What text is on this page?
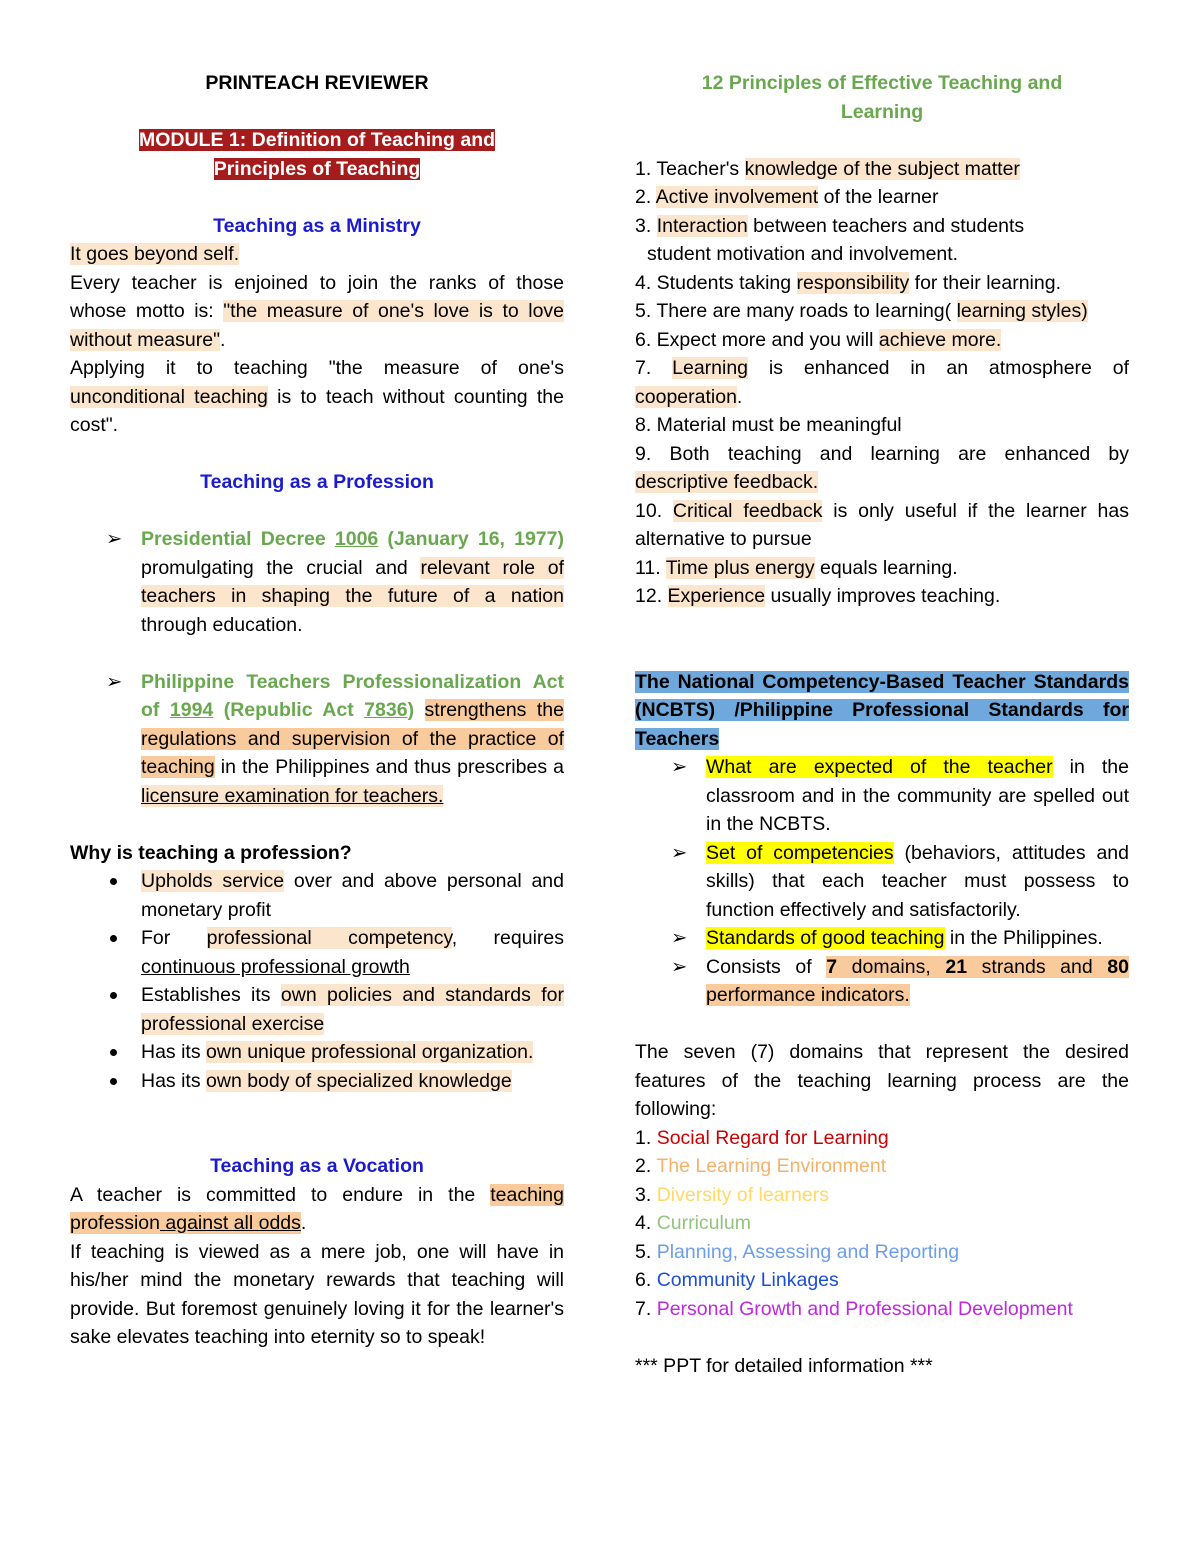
PRINTEACH REVIEWER
MODULE 1: Definition of Teaching and
Principles of Teaching
Teaching as a Ministry
It goes beyond self.
Every teacher is enjoined to join the ranks of those whose motto is: "the measure of one's love is to love without measure".
Applying it to teaching "the measure of one's unconditional teaching is to teach without counting the cost".
Teaching as a Profession
➢ Presidential Decree 1006 (January 16, 1977) promulgating the crucial and relevant role of teachers in shaping the future of a nation through education.
➢ Philippine Teachers Professionalization Act of 1994 (Republic Act 7836) strengthens the regulations and supervision of the practice of teaching in the Philippines and thus prescribes a licensure examination for teachers.
Why is teaching a profession?
Upholds service over and above personal and monetary profit
For professional competency, requires continuous professional growth
Establishes its own policies and standards for professional exercise
Has its own unique professional organization.
Has its own body of specialized knowledge
Teaching as a Vocation
A teacher is committed to endure in the teaching profession against all odds.
If teaching is viewed as a mere job, one will have in his/her mind the monetary rewards that teaching will provide. But foremost genuinely loving it for the learner's sake elevates teaching into eternity so to speak!
12 Principles of Effective Teaching and Learning
1. Teacher's knowledge of the subject matter
2. Active involvement of the learner
3. Interaction between teachers and students
student motivation and involvement.
4. Students taking responsibility for their learning.
5. There are many roads to learning( learning styles)
6. Expect more and you will achieve more.
7. Learning is enhanced in an atmosphere of cooperation.
8. Material must be meaningful
9. Both teaching and learning are enhanced by descriptive feedback.
10. Critical feedback is only useful if the learner has alternative to pursue
11. Time plus energy equals learning.
12. Experience usually improves teaching.
The National Competency-Based Teacher Standards (NCBTS) /Philippine Professional Standards for Teachers
➢ What are expected of the teacher in the classroom and in the community are spelled out in the NCBTS.
➢ Set of competencies (behaviors, attitudes and skills) that each teacher must possess to function effectively and satisfactorily.
➢ Standards of good teaching in the Philippines.
➢ Consists of 7 domains, 21 strands and 80 performance indicators.
The seven (7) domains that represent the desired features of the teaching learning process are the following:
1. Social Regard for Learning
2. The Learning Environment
3. Diversity of learners
4. Curriculum
5. Planning, Assessing and Reporting
6. Community Linkages
7. Personal Growth and Professional Development
*** PPT for detailed information ***
